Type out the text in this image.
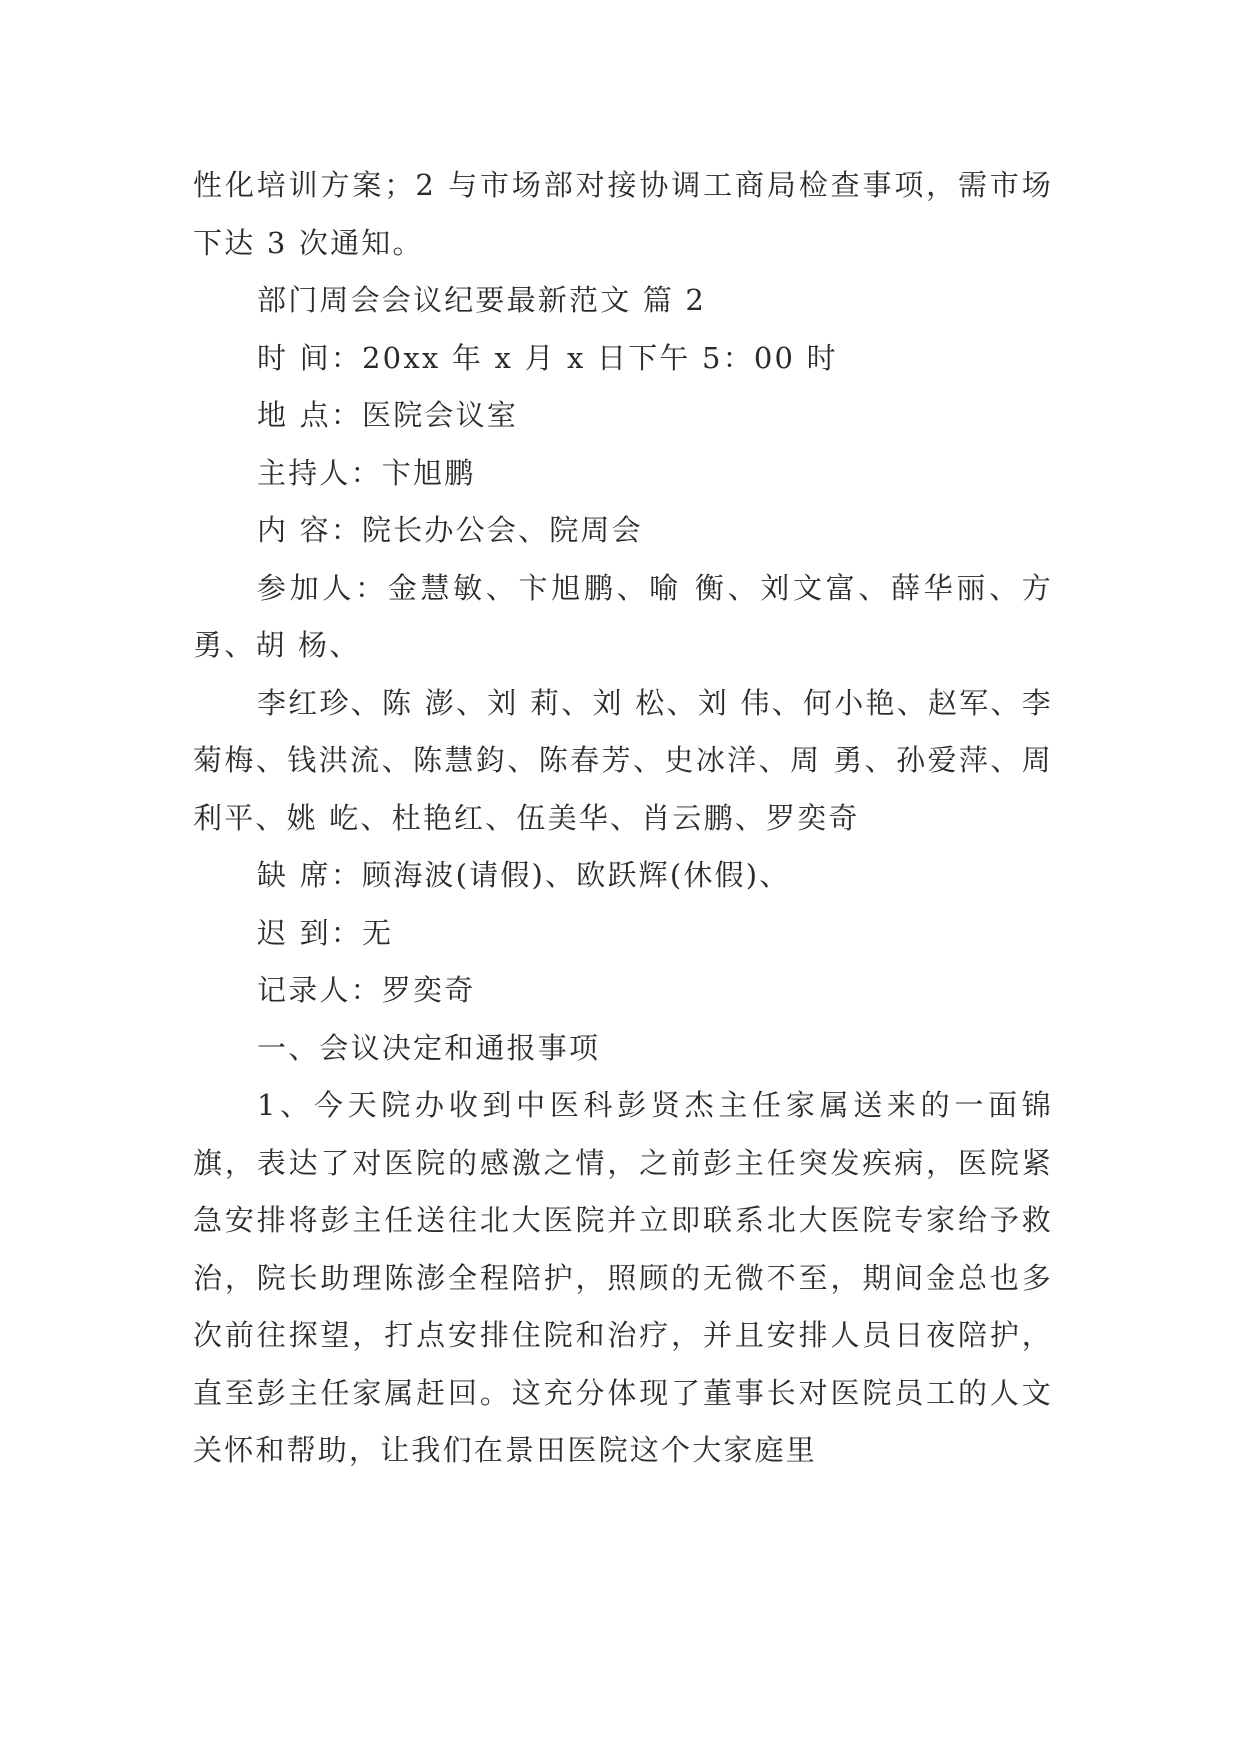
性化培训方案；2 与市场部对接协调工商局检查事项，需市场下达 3 次通知。

部门周会会议纪要最新范文 篇 2

时 间：20xx 年 x 月 x 日下午 5：00 时

地 点：医院会议室

主持人：卞旭鹏

内 容：院长办公会、院周会

参加人：金慧敏、卞旭鹏、喻 衡、刘文富、薛华丽、方 勇、胡 杨、

李红珍、陈 澎、刘 莉、刘 松、刘 伟、何小艳、赵军、李菊梅、钱洪流、陈慧鈞、陈春芳、史冰洋、周 勇、孙爱萍、周利平、姚 屹、杜艳红、伍美华、肖云鹏、罗奕奇

缺 席：顾海波(请假)、欧跃辉(休假)、

迟 到：无

记录人：罗奕奇

一、会议决定和通报事项

1、今天院办收到中医科彭贤杰主任家属送来的一面锦旗，表达了对医院的感激之情，之前彭主任突发疾病，医院紧急安排将彭主任送往北大医院并立即联系北大医院专家给予救治，院长助理陈澎全程陪护，照顾的无微不至，期间金总也多次前往探望，打点安排住院和治疗，并且安排人员日夜陪护，直至彭主任家属赶回。这充分体现了董事长对医院员工的人文关怀和帮助，让我们在景田医院这个大家庭里
